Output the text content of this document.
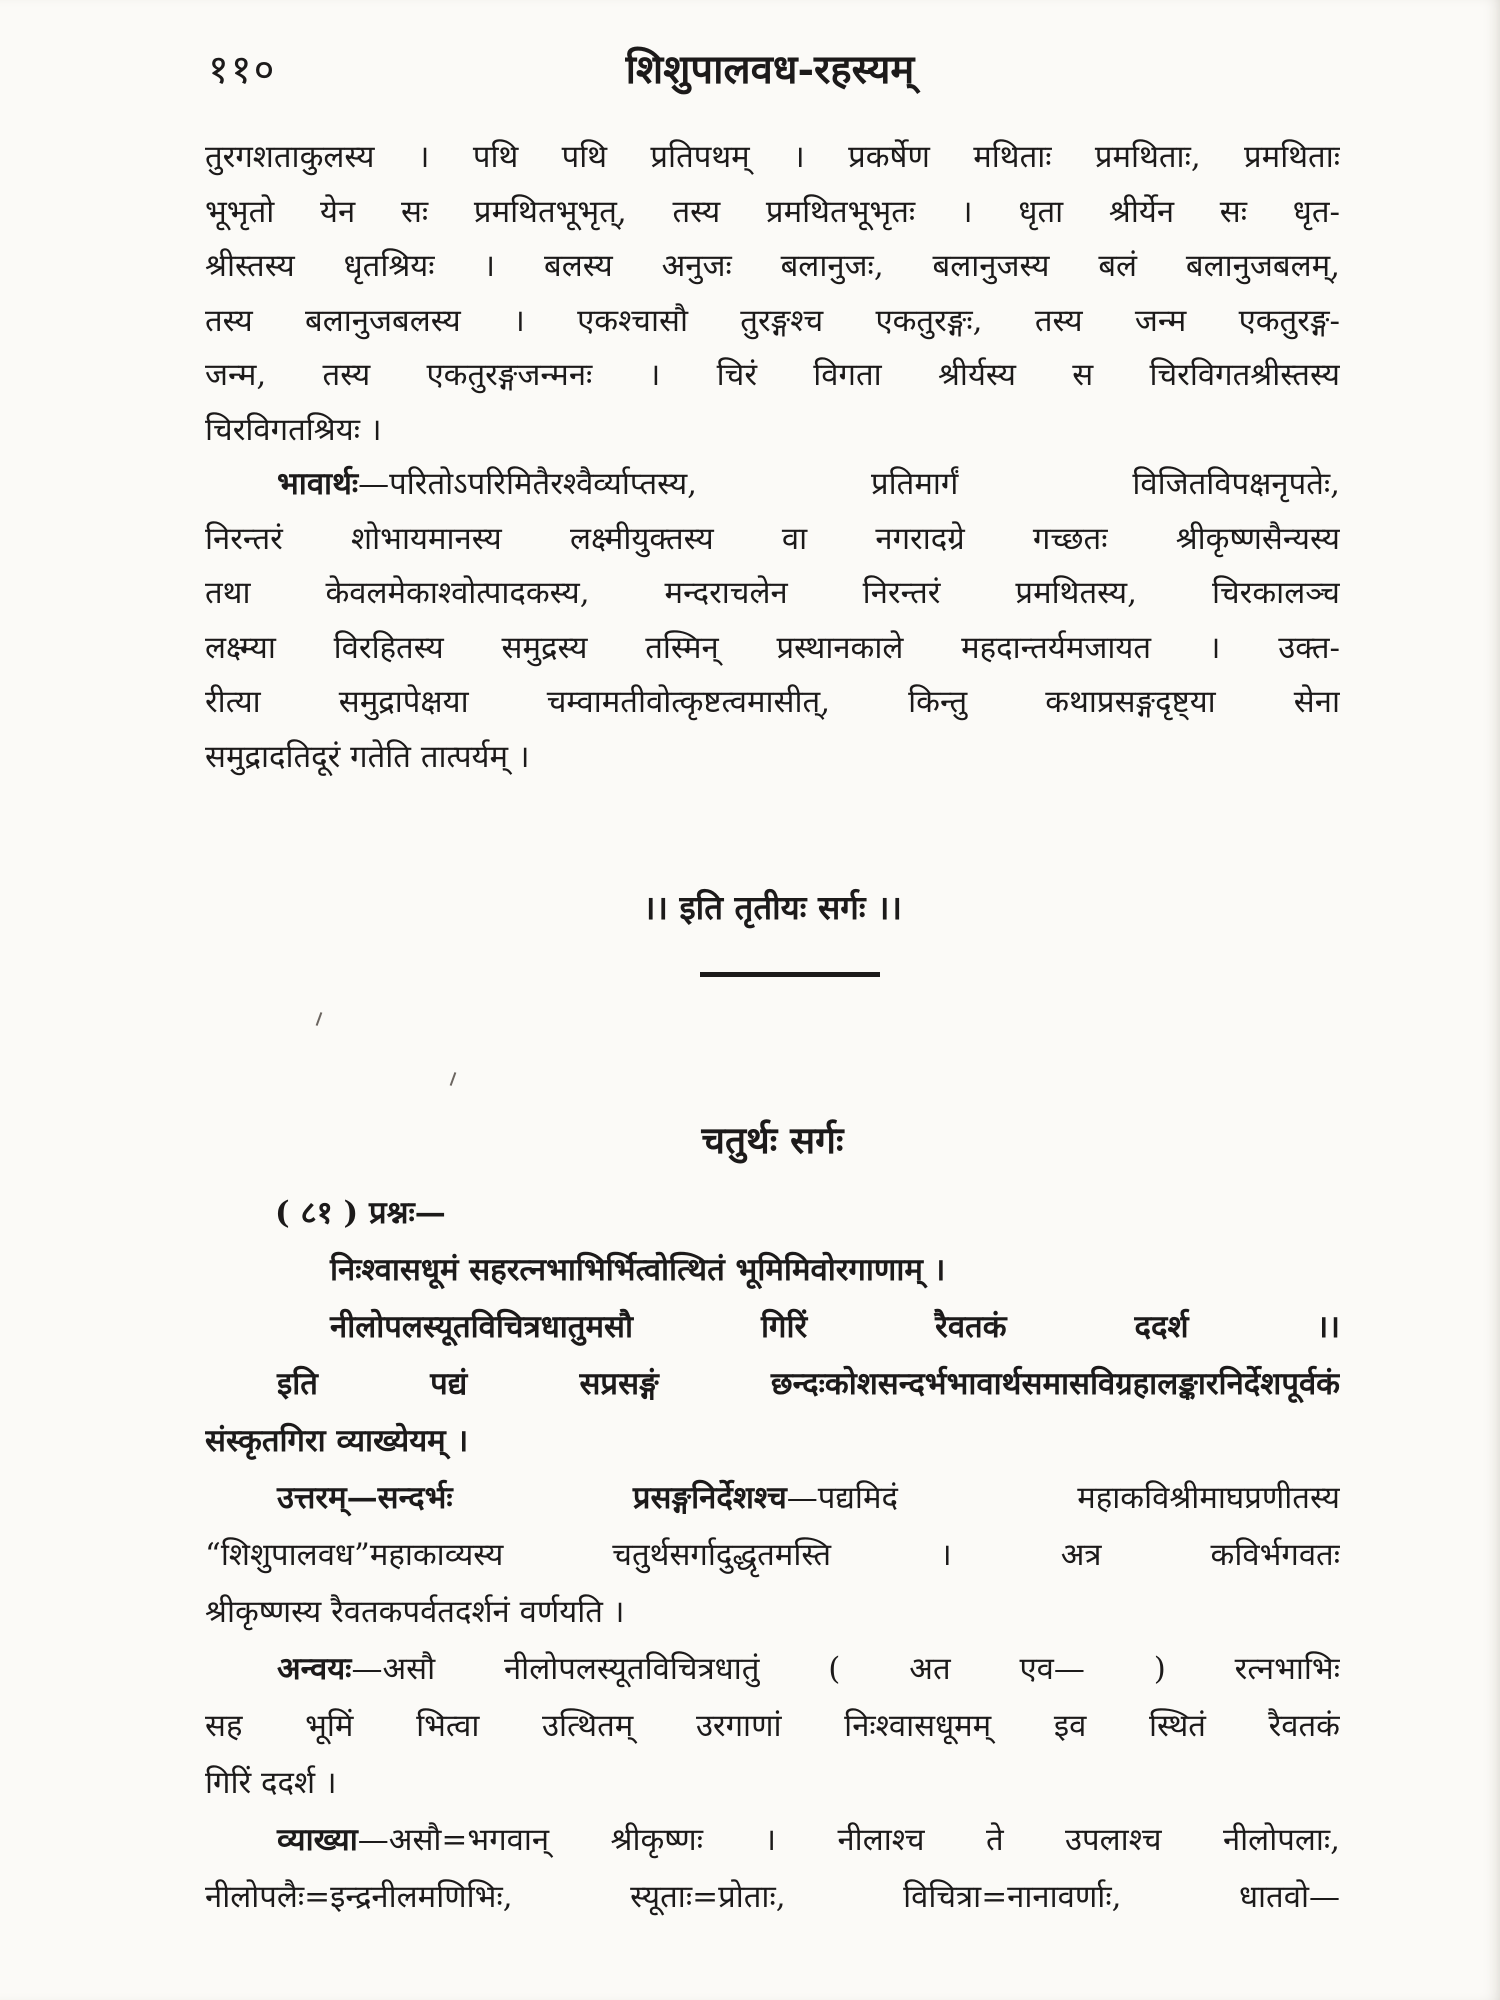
११०	शिशुपालवध-रहस्यम्
तुरगशताकुलस्य । पथि पथि प्रतिपथम् । प्रकर्षेण मथिताः प्रमथिताः, प्रमथिताः
भूभृतो येन सः प्रमथितभूभृत्, तस्य प्रमथितभूभृतः । धृता श्रीर्येन सः धृत-
श्रीस्तस्य धृतश्रियः । बलस्य अनुजः बलानुजः, बलानुजस्य बलं बलानुजबलम्,
तस्य बलानुजबलस्य । एकश्चासौ तुरङ्गश्च एकतुरङ्गः, तस्य जन्म एकतुरङ्ग-
जन्म, तस्य एकतुरङ्गजन्मनः । चिरं विगता श्रीर्यस्य स चिरविगतश्रीस्तस्य
चिरविगतश्रियः ।
भावार्थः—परितोऽपरिमितैरश्वैर्व्याप्तस्य, प्रतिमार्गं विजितविपक्षनृपतेः,
निरन्तरं शोभायमानस्य लक्ष्मीयुक्तस्य वा नगरादग्रे गच्छतः श्रीकृष्णसैन्यस्य
तथा केवलमेकाश्वोत्पादकस्य, मन्दराचलेन निरन्तरं प्रमथितस्य, चिरकालञ्च
लक्ष्म्या विरहितस्य समुद्रस्य तस्मिन् प्रस्थानकाले महदान्तर्यमजायत । उक्त-
रीत्या समुद्रापेक्षया चम्वामतीवोत्कृष्टत्वमासीत्, किन्तु कथाप्रसङ्गदृष्ट्या सेना
समुद्रादतिदूरं गतेति तात्पर्यम् ।
।। इति तृतीयः सर्गः ।।
चतुर्थः सर्गः
( ८१ ) प्रश्नः—
निःश्वासधूमं सहरत्नभाभिर्भित्वोत्थितं भूमिमिवोरगाणाम् ।
नीलोपलस्यूतविचित्रधातुमसौ गिरिं रैवतकं ददर्श ।।
इति पद्यं सप्रसङ्गं छन्दःकोशसन्दर्भभावार्थसमासविग्रहालङ्कारनिर्देशपूर्वकं
संस्कृतगिरा व्याख्येयम् ।
उत्तरम्—सन्दर्भः प्रसङ्गनिर्देशश्च—पद्यमिदं महाकविश्रीमाघप्रणीतस्य
“शिशुपालवध”महाकाव्यस्य चतुर्थसर्गादुद्धृतमस्ति । अत्र कविर्भगवतः
श्रीकृष्णस्य रैवतकपर्वतदर्शनं वर्णयति ।
अन्वयः—असौ नीलोपलस्यूतविचित्रधातुं ( अत एव— ) रत्नभाभिः
सह भूमिं भित्वा उत्थितम् उरगाणां निःश्वासधूमम् इव स्थितं रैवतकं
गिरिं ददर्श ।
व्याख्या—असौ=भगवान् श्रीकृष्णः । नीलाश्च ते उपलाश्च नीलोपलाः,
नीलोपलैः=इन्द्रनीलमणिभिः, स्यूताः=प्रोताः, विचित्रा=नानावर्णाः, धातवो—
